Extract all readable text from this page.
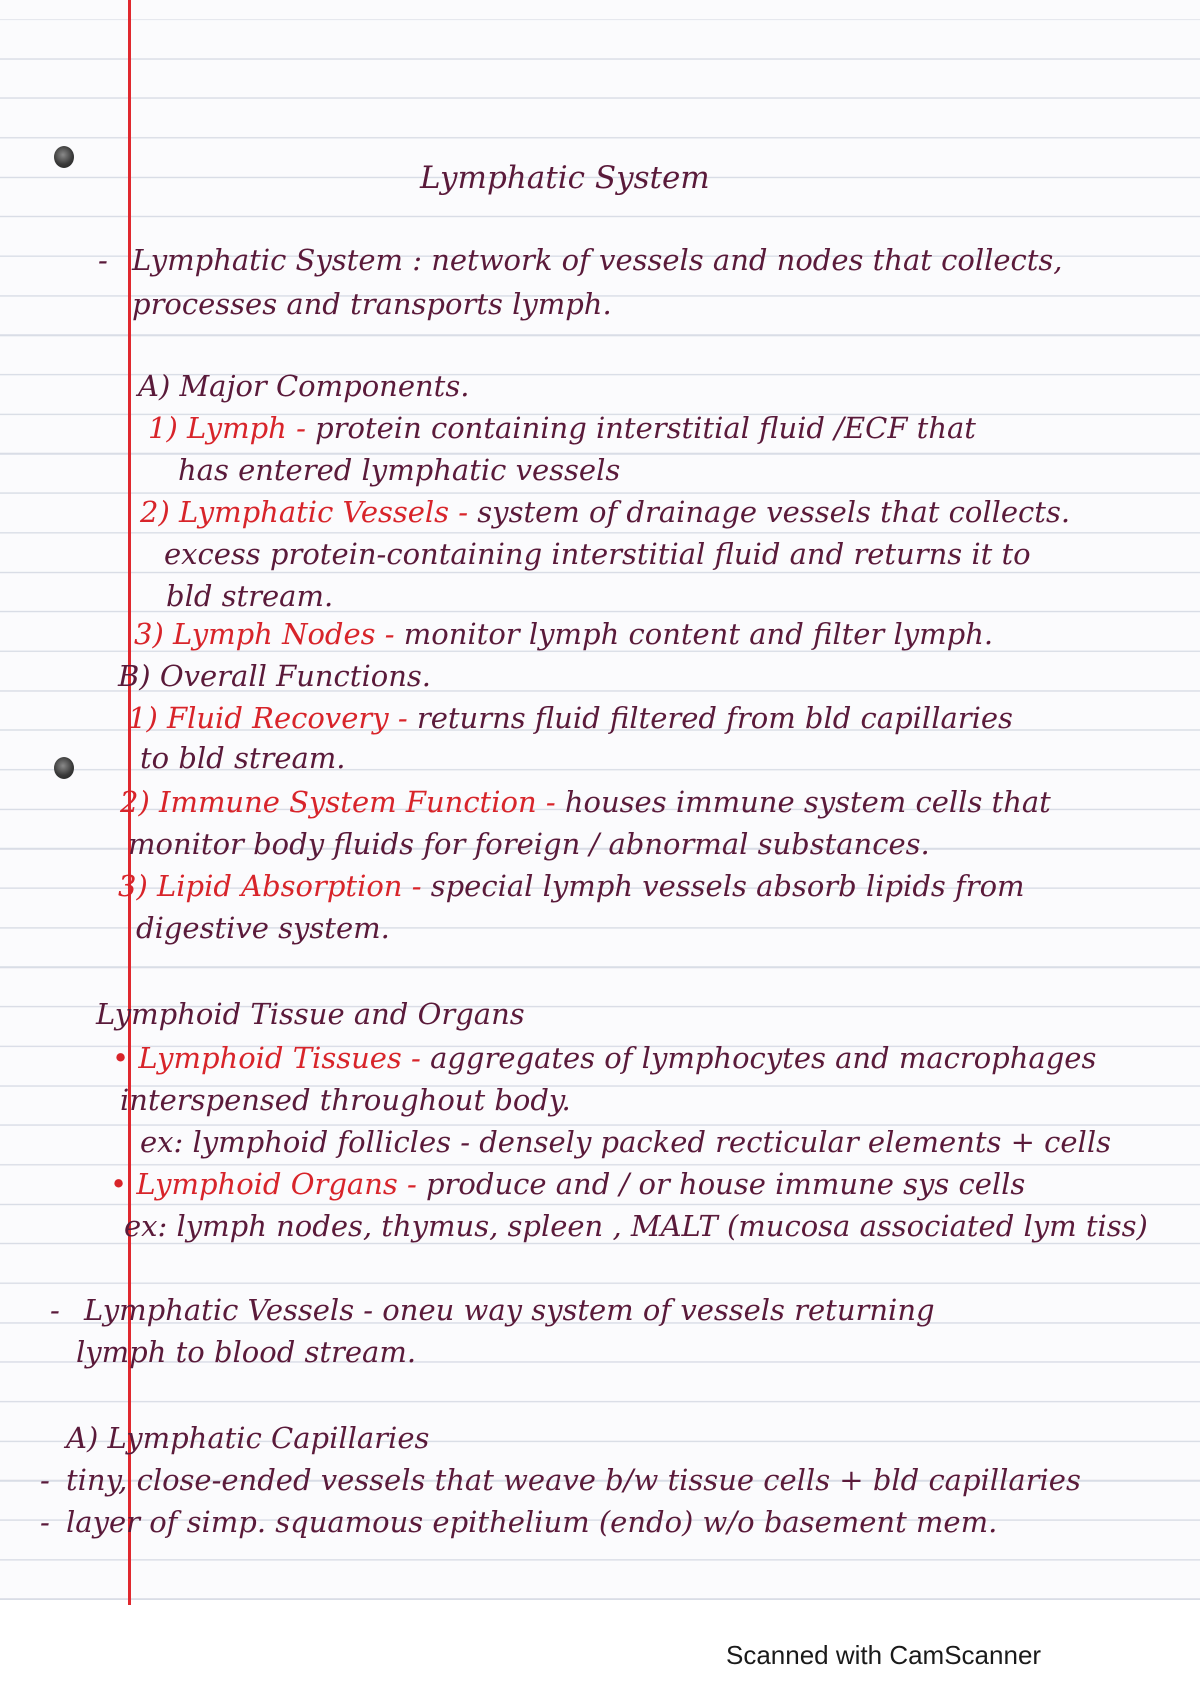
Lymphatic System
- Lymphatic System : network of vessels and nodes that collects,
processes and transports lymph.
A) Major Components.
1) Lymph - protein containing interstitial fluid /ECF that
has entered lymphatic vessels
2) Lymphatic Vessels - system of drainage vessels that collects.
excess protein-containing interstitial fluid and returns it to
bld stream.
3) Lymph Nodes - monitor lymph content and filter lymph.
B) Overall Functions.
1) Fluid Recovery - returns fluid filtered from bld capillaries
to bld stream.
2) Immune System Function - houses immune system cells that
monitor body fluids for foreign / abnormal substances.
3) Lipid Absorption - special lymph vessels absorb lipids from
digestive system.
Lymphoid Tissue and Organs
• Lymphoid Tissues - aggregates of lymphocytes and macrophages
interspensed throughout body.
ex: lymphoid follicles - densely packed recticular elements + cells
• Lymphoid Organs - produce and / or house immune sys cells
ex: lymph nodes, thymus, spleen , MALT (mucosa associated lym tiss)
- Lymphatic Vessels - oneu way system of vessels returning
lymph to blood stream.
A) Lymphatic Capillaries
- tiny, close-ended vessels that weave b/w tissue cells + bld capillaries
- layer of simp. squamous epithelium (endo) w/o basement mem.
Scanned with CamScanner
